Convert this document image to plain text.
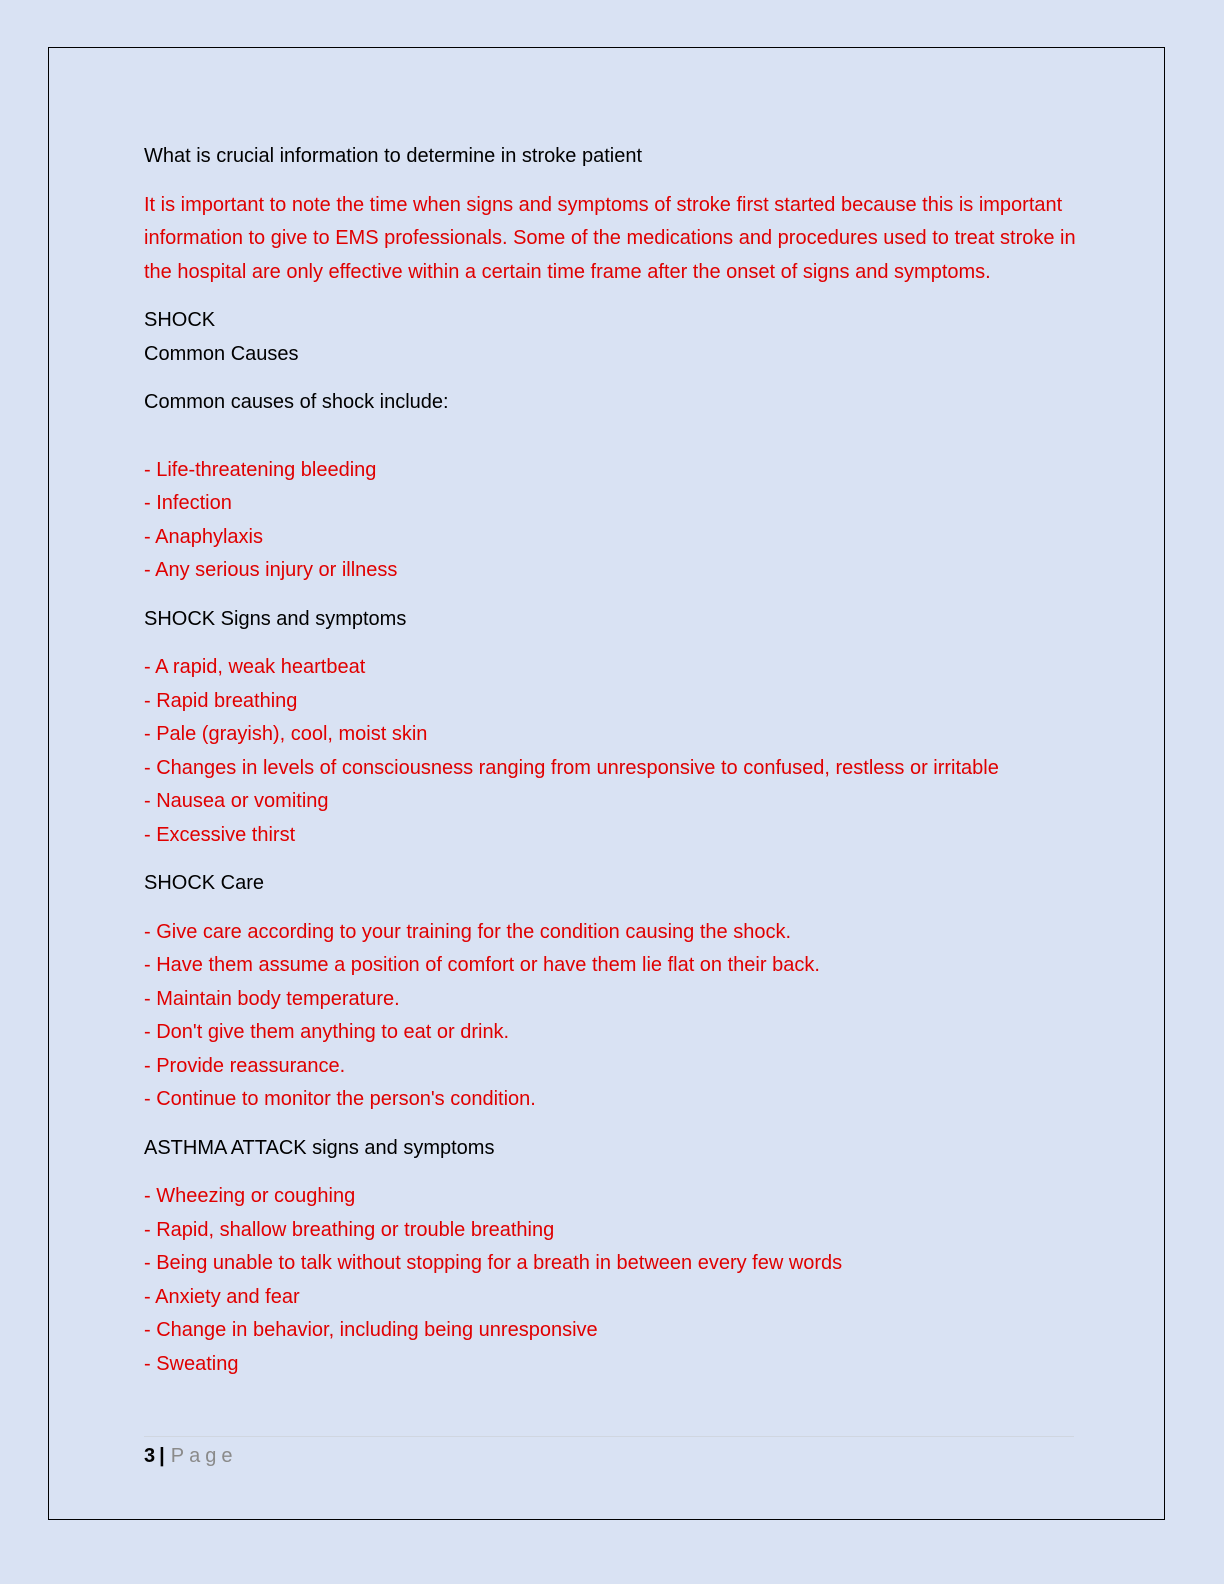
What is crucial information to determine in stroke patient

It is important to note the time when signs and symptoms of stroke first started because this is important information to give to EMS professionals. Some of the medications and procedures used to treat stroke in the hospital are only effective within a certain time frame after the onset of signs and symptoms.

SHOCK

Common Causes

Common causes of shock include:

- Life-threatening bleeding
- Infection
- Anaphylaxis
- Any serious injury or illness

SHOCK Signs and symptoms

- A rapid, weak heartbeat
- Rapid breathing
- Pale (grayish), cool, moist skin
- Changes in levels of consciousness ranging from unresponsive to confused, restless or irritable
- Nausea or vomiting
- Excessive thirst

SHOCK Care

- Give care according to your training for the condition causing the shock.
- Have them assume a position of comfort or have them lie flat on their back.
- Maintain body temperature.
- Don't give them anything to eat or drink.
- Provide reassurance.
- Continue to monitor the person's condition.

ASTHMA ATTACK signs and symptoms

- Wheezing or coughing
- Rapid, shallow breathing or trouble breathing
- Being unable to talk without stopping for a breath in between every few words
- Anxiety and fear
- Change in behavior, including being unresponsive
- Sweating
3 | Page
